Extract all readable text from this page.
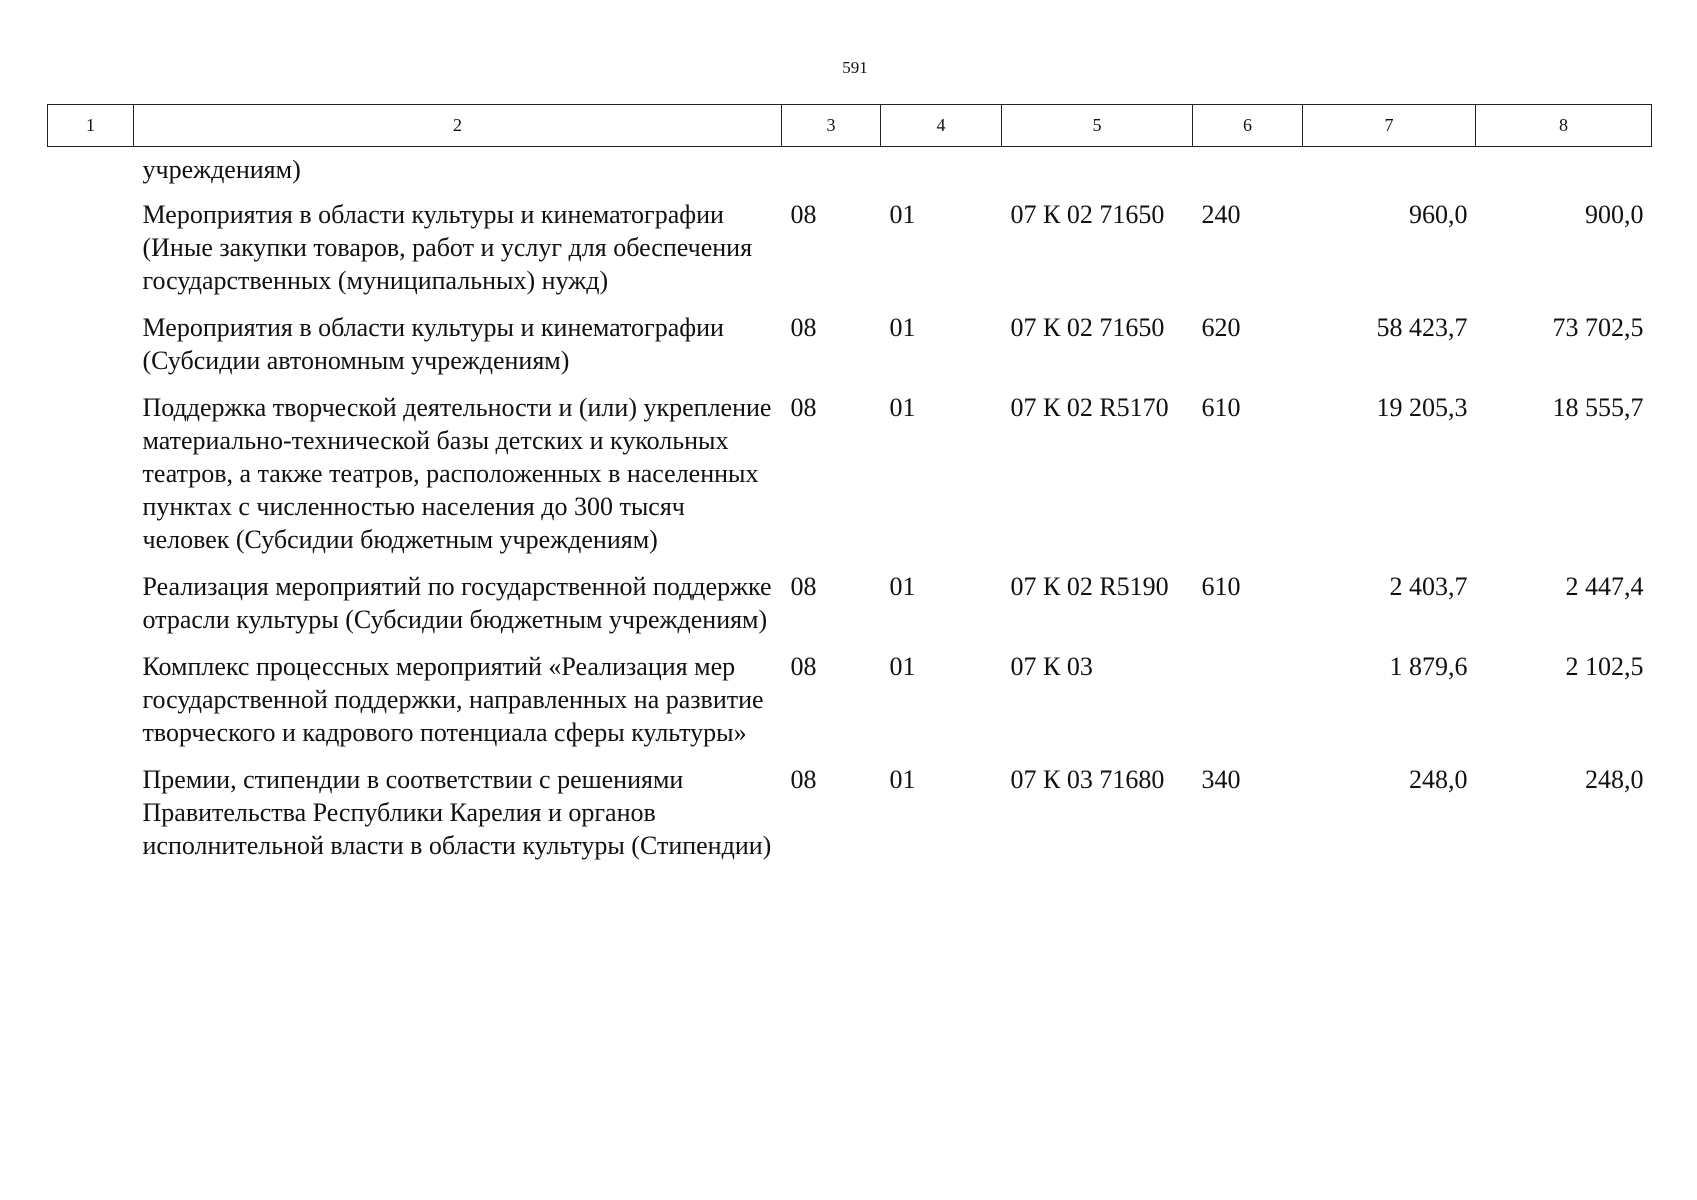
591
1	2	3	4	5	6	7	8
	учреждениям)						
	Мероприятия в области культуры и кинематографии (Иные закупки товаров, работ и услуг для обеспечения государственных (муниципальных) нужд)	08	01	07 К 02 71650	240	960,0	900,0
	Мероприятия в области культуры и кинематографии (Субсидии автономным учреждениям)	08	01	07 К 02 71650	620	58 423,7	73 702,5
	Поддержка творческой деятельности и (или) укрепление материально-технической базы детских и кукольных театров, а также театров, расположенных в населенных пунктах с численностью населения до 300 тысяч человек (Субсидии бюджетным учреждениям)	08	01	07 К 02 R5170	610	19 205,3	18 555,7
	Реализация мероприятий по государственной поддержке отрасли культуры (Субсидии бюджетным учреждениям)	08	01	07 К 02 R5190	610	2 403,7	2 447,4
	Комплекс процессных мероприятий «Реализация мер государственной поддержки, направленных на развитие творческого и кадрового потенциала сферы культуры»	08	01	07 К 03		1 879,6	2 102,5
	Премии, стипендии в соответствии с решениями Правительства Республики Карелия и органов исполнительной власти в области культуры (Стипендии)	08	01	07 К 03 71680	340	248,0	248,0
